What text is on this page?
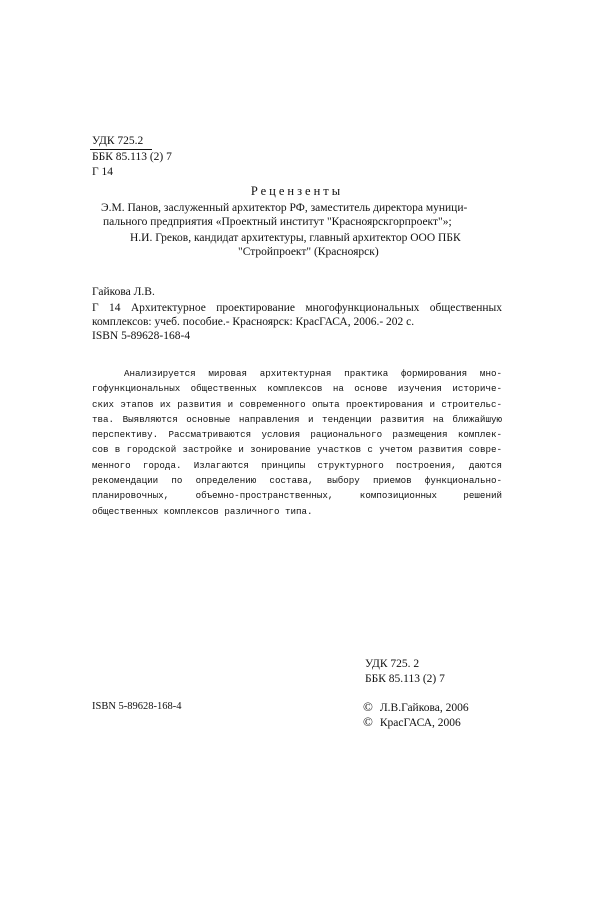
УДК 725.2
ББК 85.113 (2) 7
Г 14
Рецензенты
Э.М. Панов, заслуженный архитектор РФ, заместитель директора муници-
пального предприятия «Проектный институт "Красноярскгорпроект"»;
Н.И. Греков, кандидат архитектуры, главный архитектор ООО ПБК
"Стройпроект" (Красноярск)
Гайкова Л.В.
Г 14 Архитектурное проектирование многофункциональных общественных
комплексов: учеб. пособие.- Красноярск: КрасГАСА, 2006.- 202 с.
ISBN 5-89628-168-4
Анализируется мировая архитектурная практика формирования мно-
гофункциональных общественных комплексов на основе изучения историче-
ских этапов их развития и современного опыта проектирования и строительс-
тва. Выявляются основные направления и тенденции развития на ближайшую
перспективу. Рассматриваются условия рационального размещения комплек-
сов в городской застройке и зонирование участков с учетом развития совре-
менного города. Излагаются принципы структурного построения, даются
рекомендации по определению состава, выбору приемов функционально-
планировочных, объемно-пространственных, композиционных решений
общественных комплексов различного типа.
УДК 725. 2
ББК 85.113 (2) 7
ISBN 5-89628-168-4	© Л.В.Гайкова, 2006
© КрасГАСА, 2006
